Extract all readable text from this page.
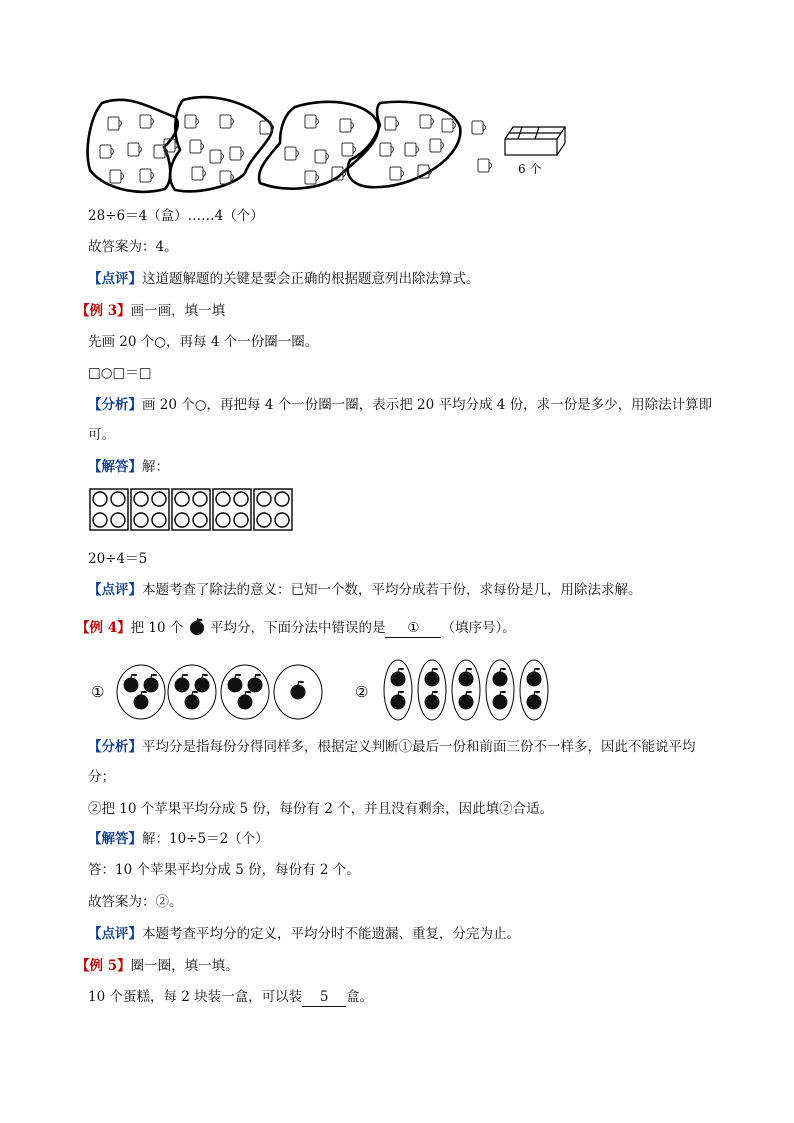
6 个
28÷6＝4（盒）……4（个）
故答案为：4。
【点评】这道题解题的关键是要会正确的根据题意列出除法算式。
【例 3】画一画，填一填
先画 20 个○，再每 4 个一份圈一圈。
□○□＝□
【分析】画 20 个○，再把每 4 个一份圈一圈，表示把 20 平均分成 4 份，求一份是多少，用除法计算即
可。
【解答】解：
20÷4＝5
【点评】本题考查了除法的意义：已知一个数，平均分成若干份，求每份是几，用除法求解。
【例 4】把 10 个 平均分，下面分法中错误的是 ① （填序号）。
①	②
【分析】平均分是指每份分得同样多，根据定义判断①最后一份和前面三份不一样多，因此不能说平均
分；
②把 10 个苹果平均分成 5 份，每份有 2 个，并且没有剩余，因此填②合适。
【解答】解：10÷5＝2（个）
答：10 个苹果平均分成 5 份，每份有 2 个。
故答案为：②。
【点评】本题考查平均分的定义，平均分时不能遗漏、重复，分完为止。
【例 5】圈一圈，填一填。
10 个蛋糕，每 2 块装一盒，可以装 5 盒。
